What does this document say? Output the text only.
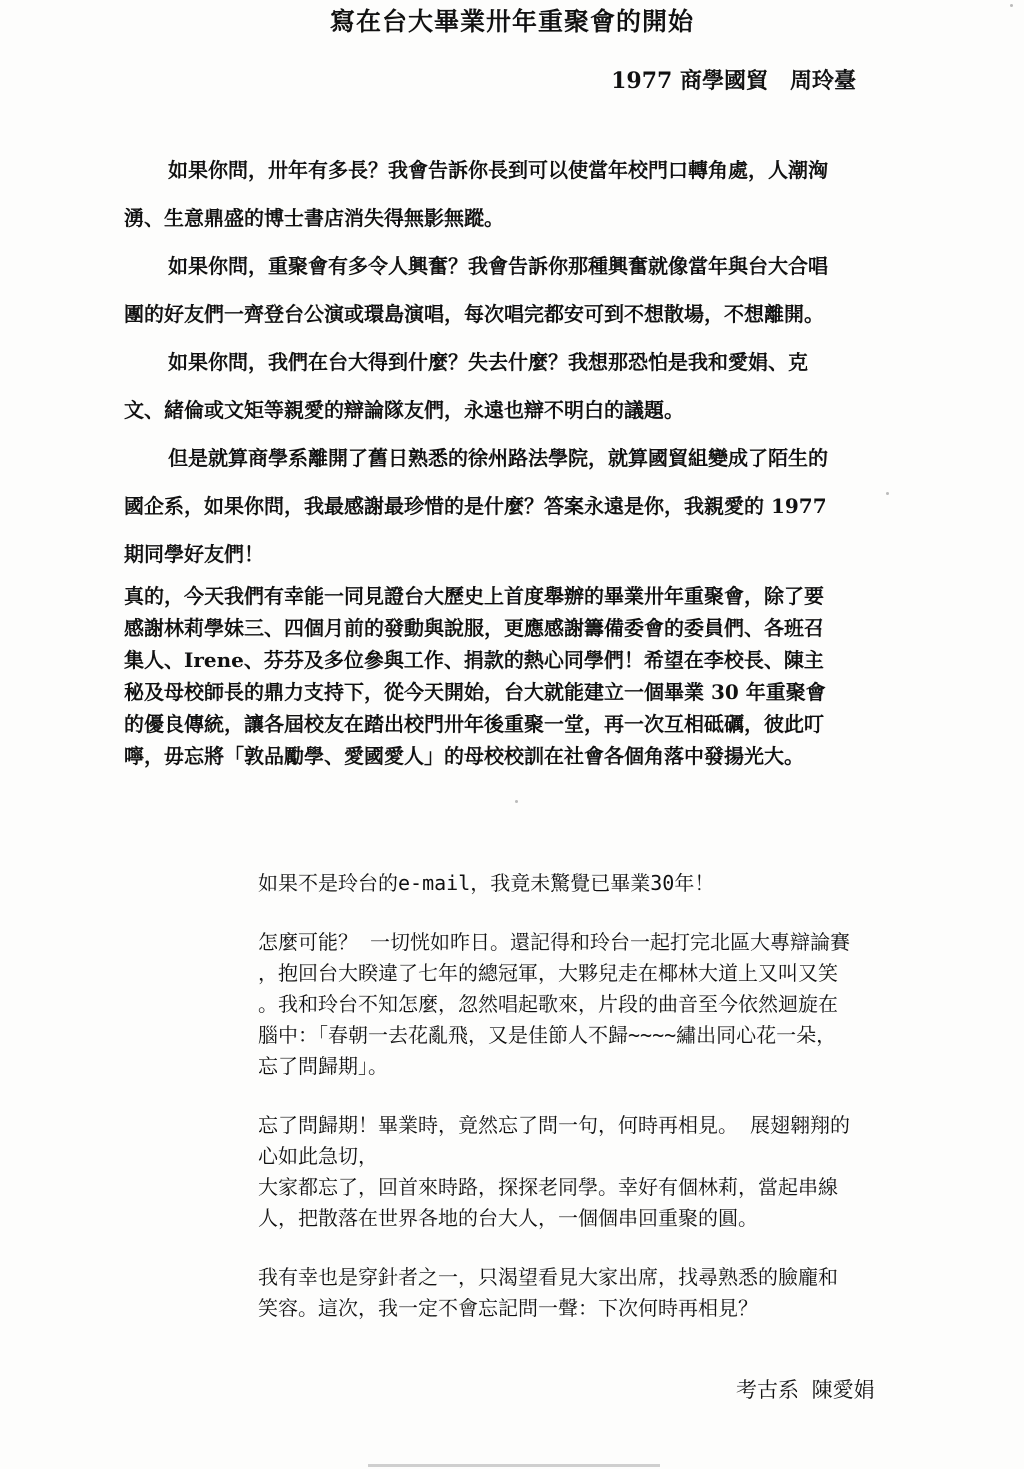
寫在台大畢業卅年重聚會的開始
1977 商學國貿　周玲臺
如果你問，卅年有多長？我會告訴你長到可以使當年校門口轉角處，人潮洶
湧、生意鼎盛的博士書店消失得無影無蹤。
如果你問，重聚會有多令人興奮？我會告訴你那種興奮就像當年與台大合唱
團的好友們一齊登台公演或環島演唱，每次唱完都安可到不想散場，不想離開。
如果你問，我們在台大得到什麼？失去什麼？我想那恐怕是我和愛娟、克
文、緒倫或文矩等親愛的辯論隊友們，永遠也辯不明白的議題。
但是就算商學系離開了舊日熟悉的徐州路法學院，就算國貿組變成了陌生的
國企系，如果你問，我最感謝最珍惜的是什麼？答案永遠是你，我親愛的 1977
期同學好友們！
真的，今天我們有幸能一同見證台大歷史上首度舉辦的畢業卅年重聚會，除了要
感謝林莉學妹三、四個月前的發動與說服，更應感謝籌備委會的委員們、各班召
集人、Irene、芬芬及多位參與工作、捐款的熱心同學們！希望在李校長、陳主
秘及母校師長的鼎力支持下，從今天開始，台大就能建立一個畢業 30 年重聚會
的優良傳統，讓各屆校友在踏出校門卅年後重聚一堂，再一次互相砥礪，彼此叮
嚀，毋忘將「敦品勵學、愛國愛人」的母校校訓在社會各個角落中發揚光大。
如果不是玲台的e-mail，我竟未驚覺已畢業30年！
怎麼可能？ 一切恍如昨日。還記得和玲台一起打完北區大專辯論賽
，抱回台大睽違了七年的總冠軍，大夥兒走在椰林大道上又叫又笑
。我和玲台不知怎麼，忽然唱起歌來，片段的曲音至今依然迴旋在
腦中：「春朝一去花亂飛，又是佳節人不歸~~~~繡出同心花一朵，
忘了問歸期」。
忘了問歸期！畢業時，竟然忘了問一句，何時再相見。 展翅翱翔的
心如此急切，
大家都忘了，回首來時路，探探老同學。幸好有個林莉，當起串線
人，把散落在世界各地的台大人，一個個串回重聚的圓。
我有幸也是穿針者之一，只渴望看見大家出席，找尋熟悉的臉龐和
笑容。這次，我一定不會忘記問一聲：下次何時再相見？
考古系 陳愛娟
